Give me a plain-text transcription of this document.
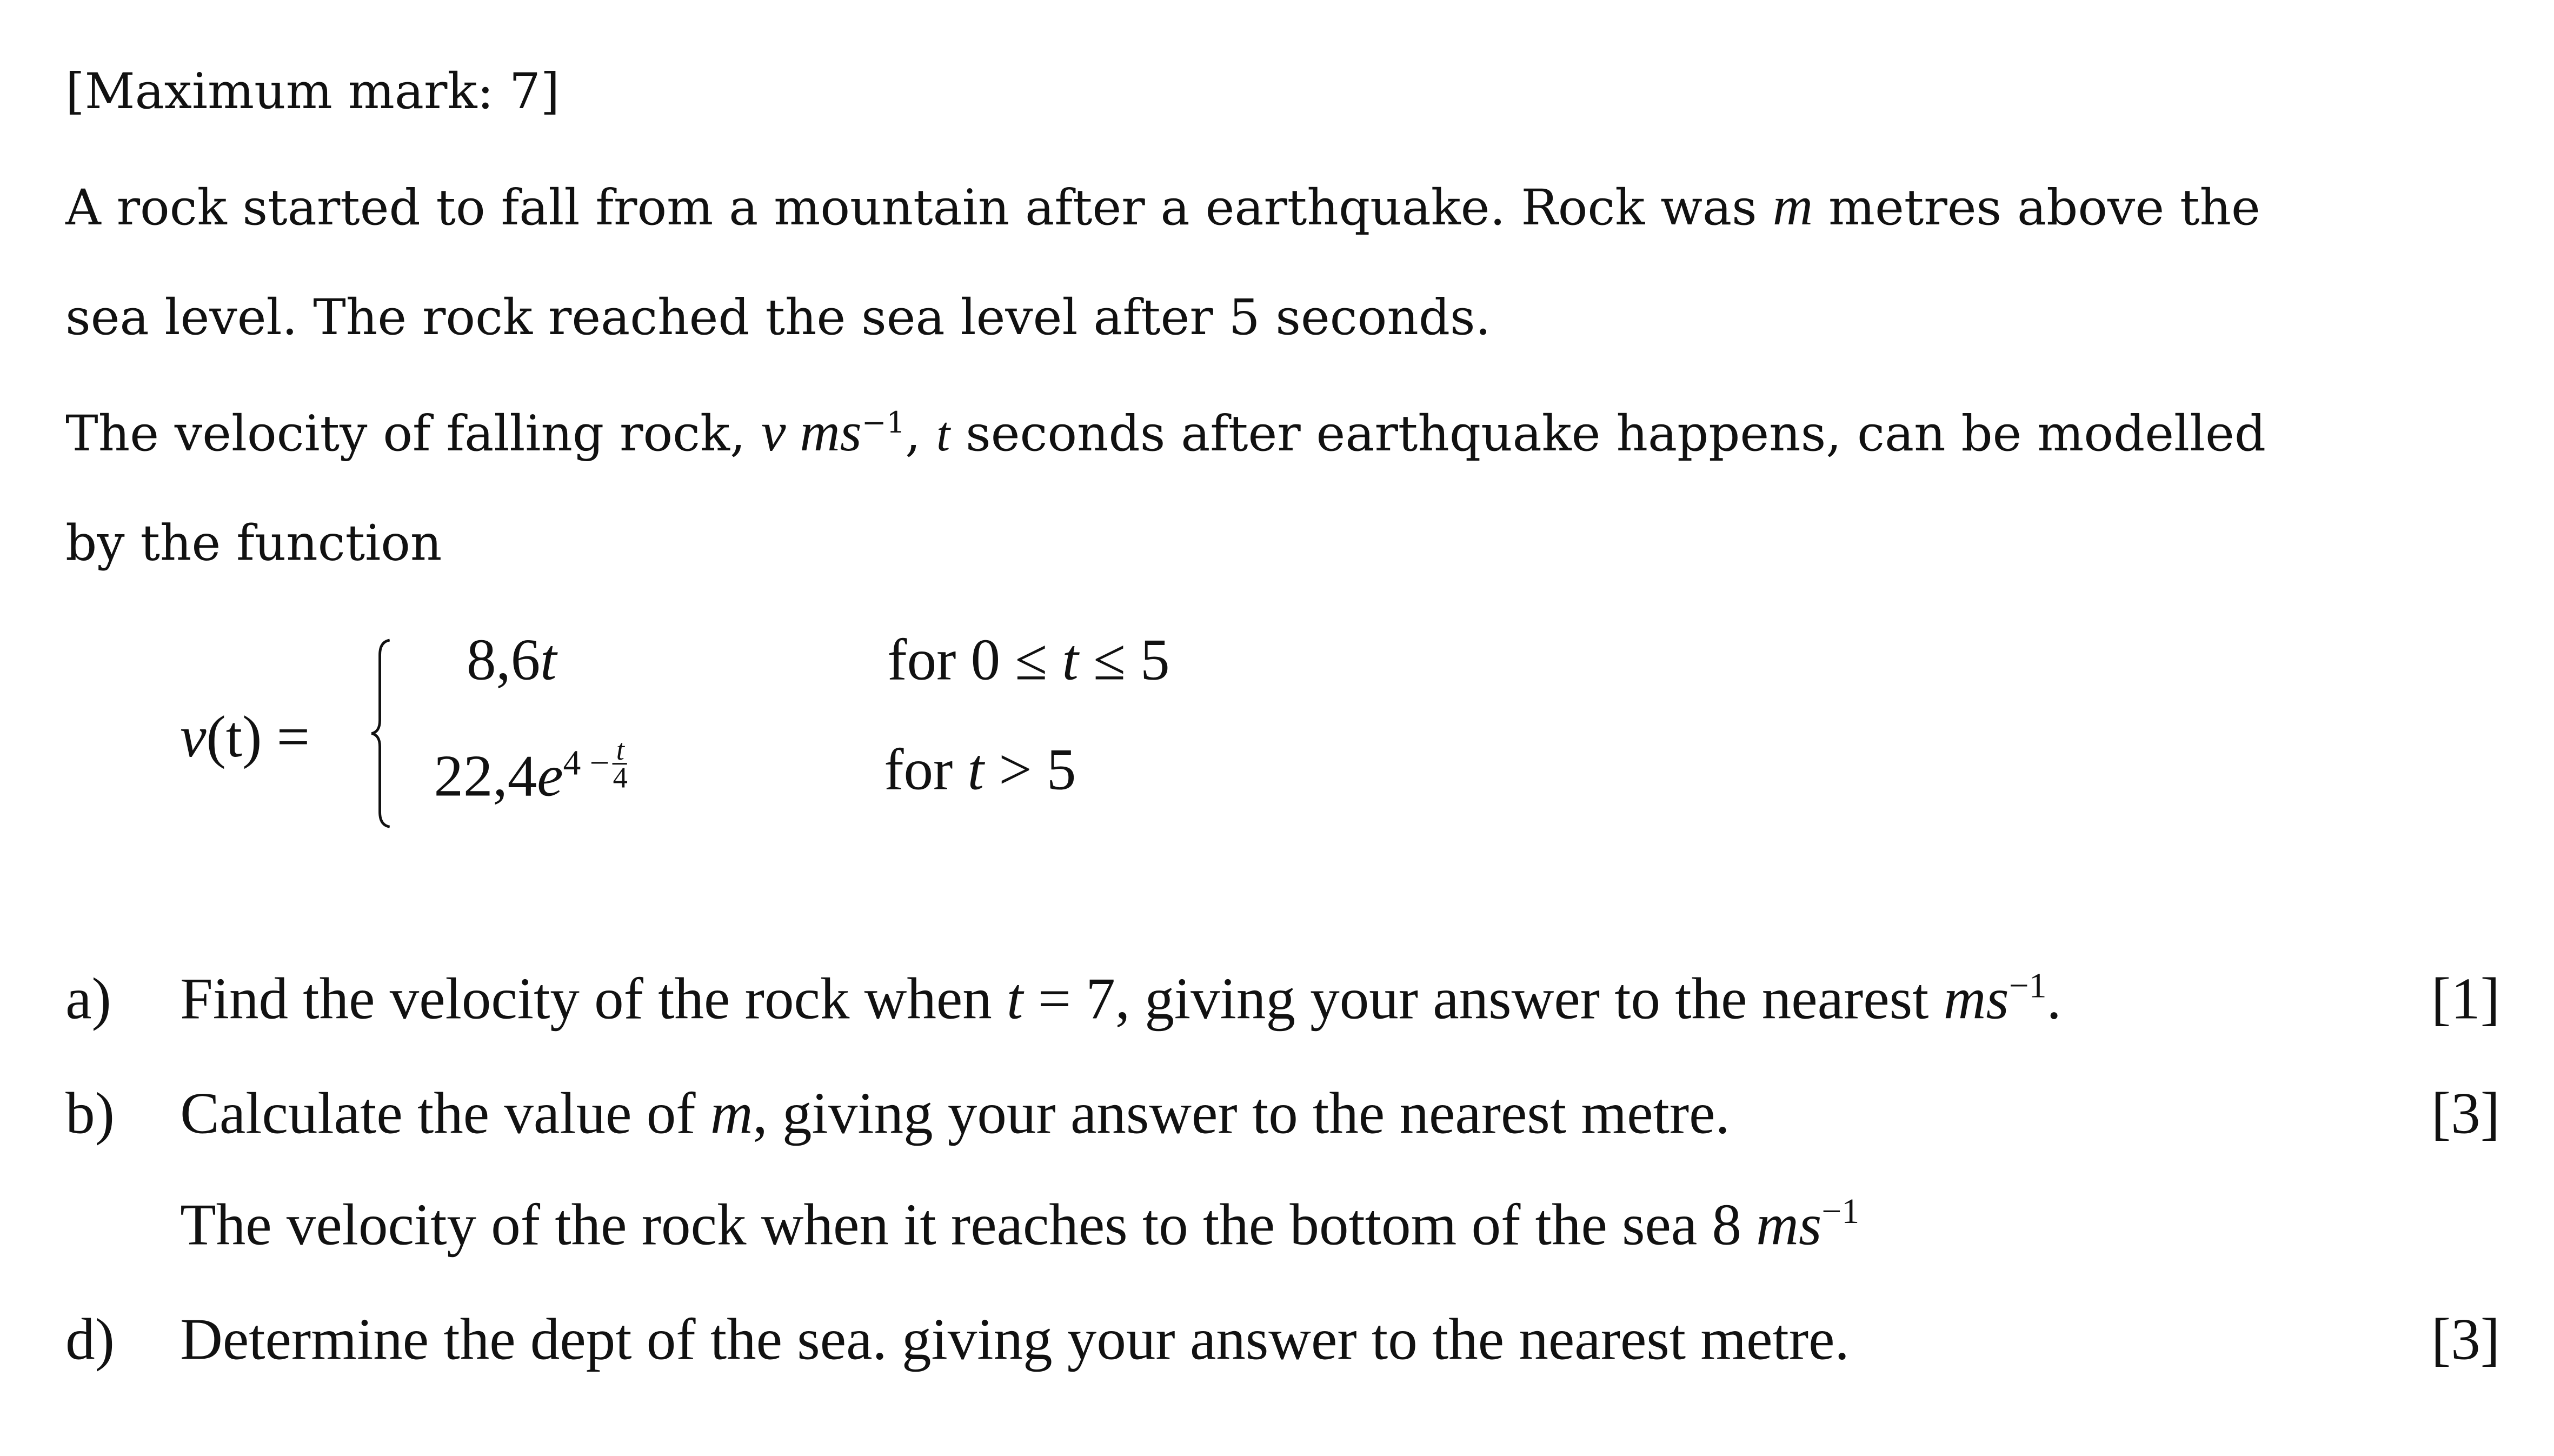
[Maximum mark: 7]
A rock started to fall from a mountain after a earthquake. Rock was m metres above the
sea level. The rock reached the sea level after 5 seconds.
The velocity of falling rock, v $ms^{-1}$, t seconds after earthquake happens, can be modelled
by the function
v(t) =
8,6t	for 0 ≤ t ≤ 5
$22,4e^{4 -} \frac{t}{4}$	for t > 5
a)	Find the velocity of the rock when t = 7, giving your answer to the nearest $ms^{-1}$.	[1]
b)	Calculate the value of m, giving your answer to the nearest metre.	[3]
The velocity of the rock when it reaches to the bottom of the sea 8 $ms^{-1}$
d)	Determine the dept of the sea. giving your answer to the nearest metre.	[3]
